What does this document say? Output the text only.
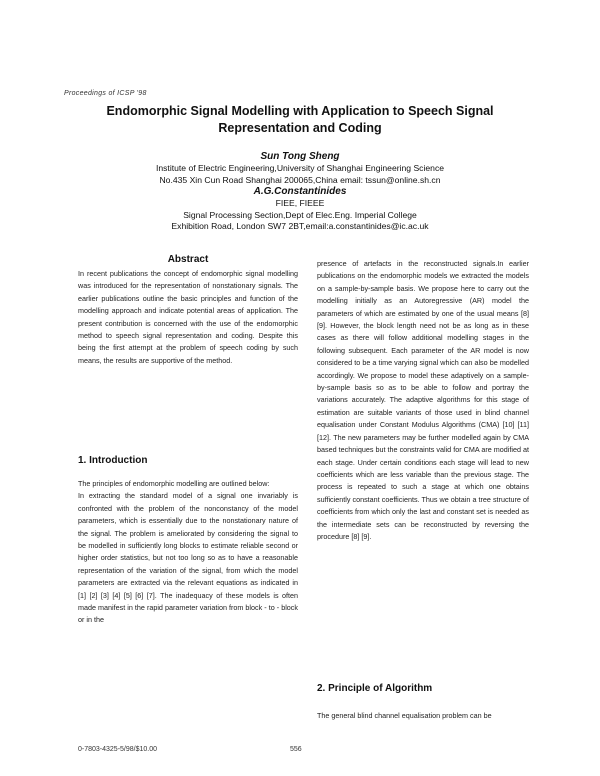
Proceedings of ICSP '98
Endomorphic Signal Modelling with Application to Speech Signal
Representation and Coding
Sun Tong Sheng
Institute of Electric Engineering,University of Shanghai Engineering Science
No.435 Xin Cun Road Shanghai 200065,China email: tssun@online.sh.cn
A.G.Constantinides
FIEE, FIEEE
Signal Processing Section,Dept of Elec.Eng. Imperial College
Exhibition Road, London SW7 2BT,email:a.constantinides@ic.ac.uk
Abstract

In recent publications the concept of endomorphic signal modelling was introduced for the representation of nonstationary signals. The earlier publications outline the basic principles and function of the modelling approach and indicate potential areas of application. The present contribution is concerned with the use of the endomorphic method to speech signal representation and coding. Despite this being the first attempt at the problem of speech coding by such means, the results are supportive of the method.

1. Introduction

The principles of endomorphic modelling are outlined below:

In extracting the standard model of a signal one invariably is confronted with the problem of the nonconstancy of the model parameters, which is essentially due to the nonstationary nature of the signal. The problem is ameliorated by considering the signal to be modelled in sufficiently long blocks to estimate reliable second or higher order statistics, but not too long so as to have a reasonable representation of the variation of the signal, from which the model parameters are extracted via the relevant equations as indicated in [1] [2] [3] [4] [5] [6] [7]. The inadequacy of these models is often made manifest in the rapid parameter variation from block - to - block or in the

presence of artefacts in the reconstructed signals.In earlier publications on the endomorphic models we extracted the models on a sample-by-sample basis. We propose here to carry out the modelling initially as an Autoregressive (AR) model the parameters of which are estimated by one of the usual means [8] [9]. However, the block length need not be as long as in these cases as there will follow additional modelling stages in the following subsequent. Each parameter of the AR model is now considered to be a time varying signal which can also be modelled accordingly. We propose to model these adaptively on a sample-by-sample basis so as to be able to follow and portray the variations accurately. The adaptive algorithms for this stage of estimation are suitable variants of those used in blind channel equalisation under Constant Modulus Algorithms (CMA) [10] [11] [12]. The new parameters may be further modelled again by CMA based techniques but the constraints valid for CMA are modified at each stage. Under certain conditions each stage will lead to new coefficients which are less variable than the previous stage. The process is repeated to such a stage at which one obtains sufficiently constant coefficients. Thus we obtain a tree structure of coefficients from which only the last and constant set is needed as the intermediate sets can be reconstructed by reversing the procedure [8] [9].

2. Principle of Algorithm

The general blind channel equalisation problem can be

0-7803-4325-5/98/$10.00	556
